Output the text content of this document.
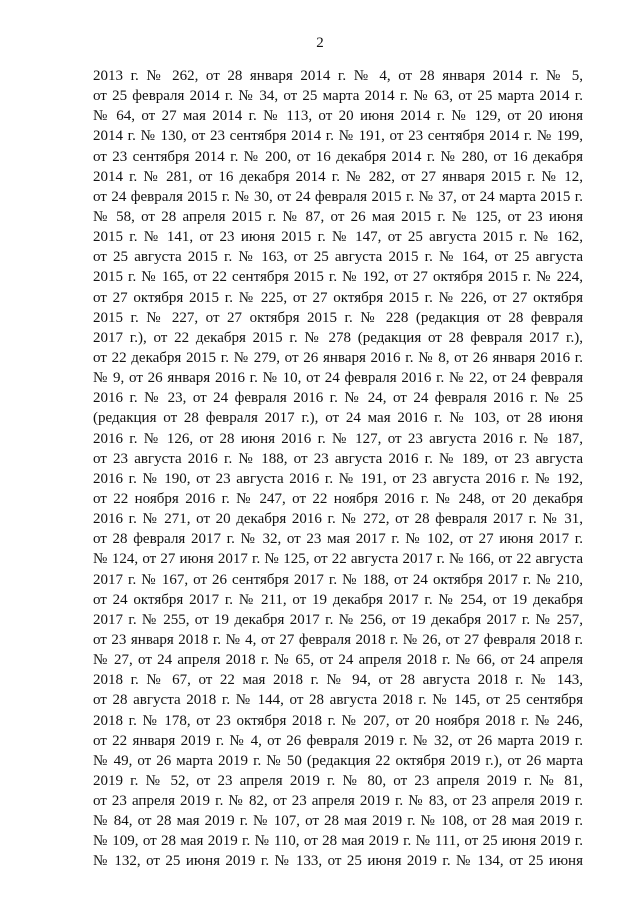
2
2013 г. № 262, от 28 января 2014 г. № 4, от 28 января 2014 г. № 5,
от 25 февраля 2014 г. № 34, от 25 марта 2014 г. № 63, от 25 марта 2014 г.
№ 64, от 27 мая 2014 г. № 113, от 20 июня 2014 г. № 129, от 20 июня
2014 г. № 130, от 23 сентября 2014 г. № 191, от 23 сентября 2014 г. № 199,
от 23 сентября 2014 г. № 200, от 16 декабря 2014 г. № 280, от 16 декабря
2014 г. № 281, от 16 декабря 2014 г. № 282, от 27 января 2015 г. № 12,
от 24 февраля 2015 г. № 30, от 24 февраля 2015 г. № 37, от 24 марта 2015 г.
№ 58, от 28 апреля 2015 г. № 87, от 26 мая 2015 г. № 125, от 23 июня
2015 г. № 141, от 23 июня 2015 г. № 147, от 25 августа 2015 г. № 162,
от 25 августа 2015 г. № 163, от 25 августа 2015 г. № 164, от 25 августа
2015 г. № 165, от 22 сентября 2015 г. № 192, от 27 октября 2015 г. № 224,
от 27 октября 2015 г. № 225, от 27 октября 2015 г. № 226, от 27 октября
2015 г. № 227, от 27 октября 2015 г. № 228 (редакция от 28 февраля
2017 г.), от 22 декабря 2015 г. № 278 (редакция от 28 февраля 2017 г.),
от 22 декабря 2015 г. № 279, от 26 января 2016 г. № 8, от 26 января 2016 г.
№ 9, от 26 января 2016 г. № 10, от 24 февраля 2016 г. № 22, от 24 февраля
2016 г. № 23, от 24 февраля 2016 г. № 24, от 24 февраля 2016 г. № 25
(редакция от 28 февраля 2017 г.), от 24 мая 2016 г. № 103, от 28 июня
2016 г. № 126, от 28 июня 2016 г. № 127, от 23 августа 2016 г. № 187,
от 23 августа 2016 г. № 188, от 23 августа 2016 г. № 189, от 23 августа
2016 г. № 190, от 23 августа 2016 г. № 191, от 23 августа 2016 г. № 192,
от 22 ноября 2016 г. № 247, от 22 ноября 2016 г. № 248, от 20 декабря
2016 г. № 271, от 20 декабря 2016 г. № 272, от 28 февраля 2017 г. № 31,
от 28 февраля 2017 г. № 32, от 23 мая 2017 г. № 102, от 27 июня 2017 г.
№ 124, от 27 июня 2017 г. № 125, от 22 августа 2017 г. № 166, от 22 августа
2017 г. № 167, от 26 сентября 2017 г. № 188, от 24 октября 2017 г. № 210,
от 24 октября 2017 г. № 211, от 19 декабря 2017 г. № 254, от 19 декабря
2017 г. № 255, от 19 декабря 2017 г. № 256, от 19 декабря 2017 г. № 257,
от 23 января 2018 г. № 4, от 27 февраля 2018 г. № 26, от 27 февраля 2018 г.
№ 27, от 24 апреля 2018 г. № 65, от 24 апреля 2018 г. № 66, от 24 апреля
2018 г. № 67, от 22 мая 2018 г. № 94, от 28 августа 2018 г. № 143,
от 28 августа 2018 г. № 144, от 28 августа 2018 г. № 145, от 25 сентября
2018 г. № 178, от 23 октября 2018 г. № 207, от 20 ноября 2018 г. № 246,
от 22 января 2019 г. № 4, от 26 февраля 2019 г. № 32, от 26 марта 2019 г.
№ 49, от 26 марта 2019 г. № 50 (редакция 22 октября 2019 г.), от 26 марта
2019 г. № 52, от 23 апреля 2019 г. № 80, от 23 апреля 2019 г. № 81,
от 23 апреля 2019 г. № 82, от 23 апреля 2019 г. № 83, от 23 апреля 2019 г.
№ 84, от 28 мая 2019 г. № 107, от 28 мая 2019 г. № 108, от 28 мая 2019 г.
№ 109, от 28 мая 2019 г. № 110, от 28 мая 2019 г. № 111, от 25 июня 2019 г.
№ 132, от 25 июня 2019 г. № 133, от 25 июня 2019 г. № 134, от 25 июня
